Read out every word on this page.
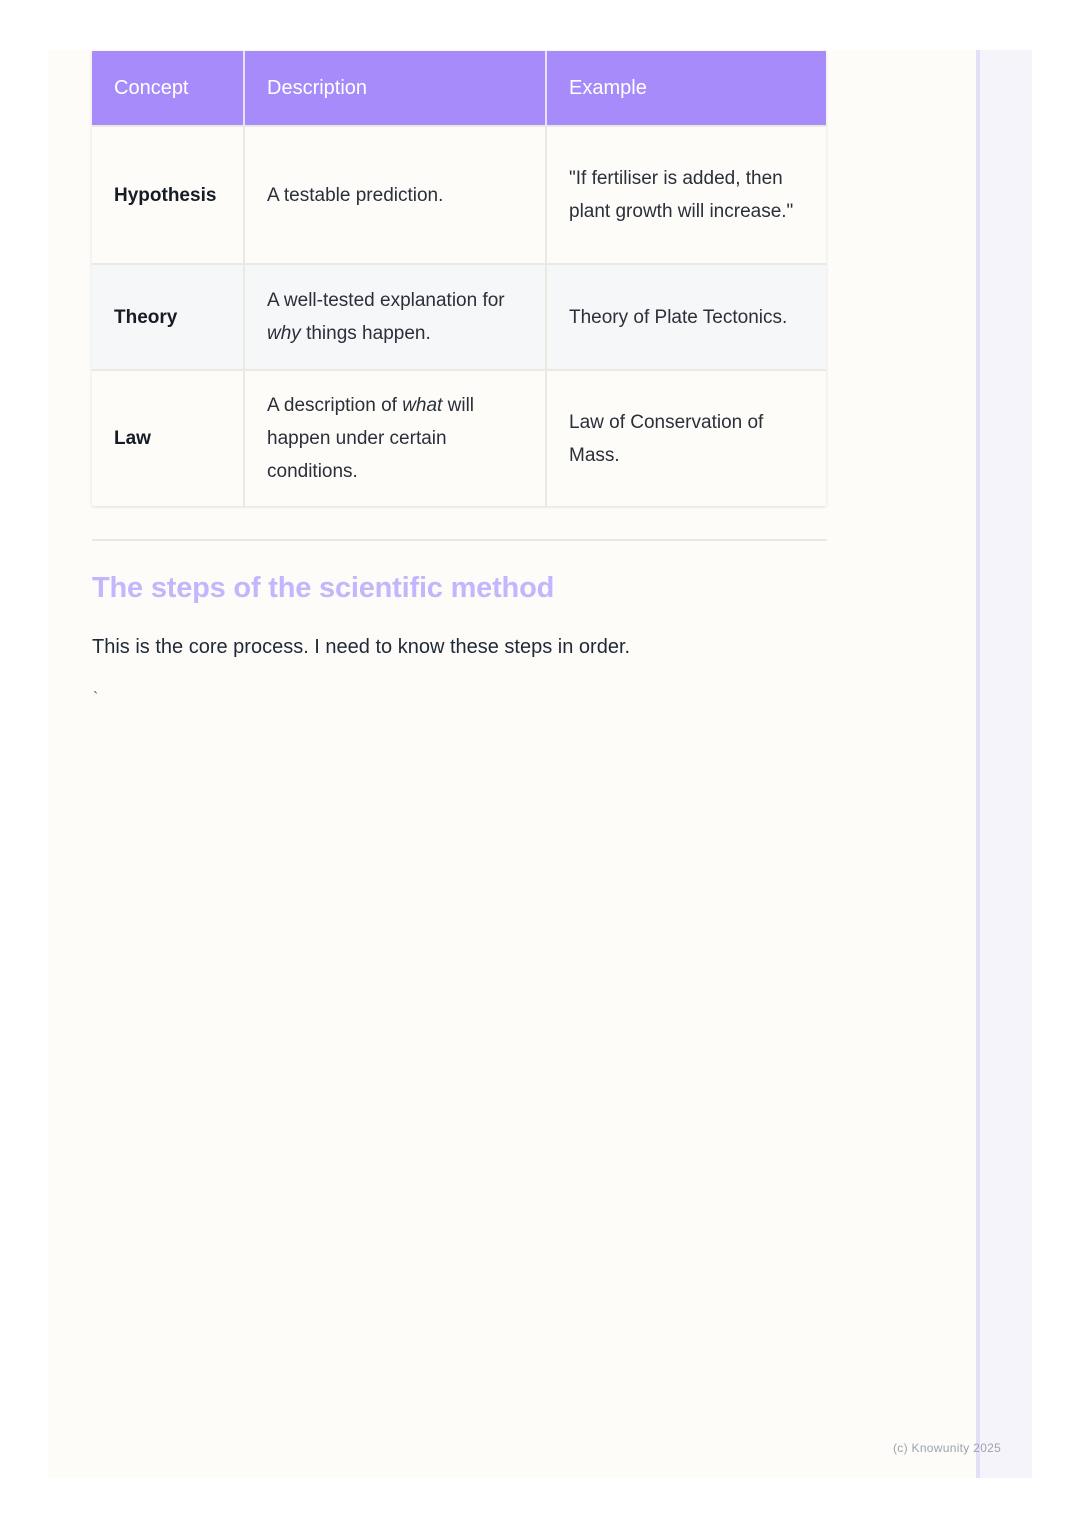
Concept	Description	Example
Hypothesis	A testable prediction.	"If fertiliser is added, then plant growth will increase."
Theory	A well-tested explanation for why things happen.	Theory of Plate Tectonics.
Law	A description of what will happen under certain conditions.	Law of Conservation of Mass.
The steps of the scientific method

This is the core process. I need to know these steps in order.

`
(c) Knowunity 2025
